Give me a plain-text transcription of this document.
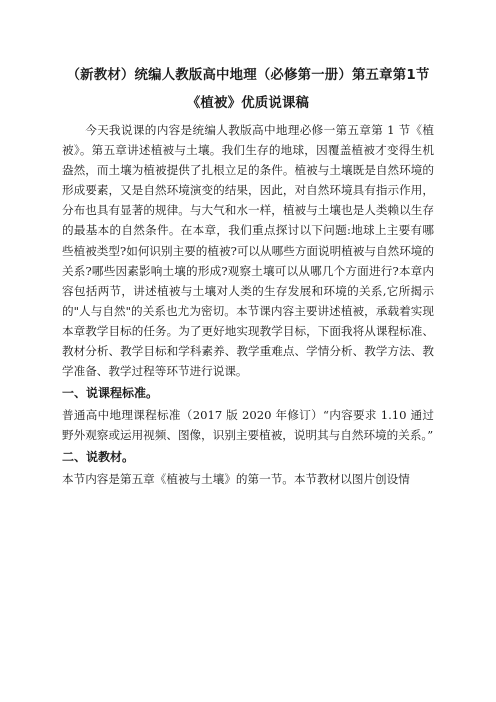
（新教材）统编人教版高中地理（必修第一册）第五章第1节《植被》优质说课稿

今天我说课的内容是统编人教版高中地理必修一第五章第 1 节《植被》。第五章讲述植被与土壤。我们生存的地球，因覆盖植被才变得生机盎然，而土壤为植被提供了扎根立足的条件。植被与土壤既是自然环境的形成要素，又是自然环境演变的结果，因此，对自然环境具有指示作用，分布也具有显著的规律。与大气和水一样，植被与土壤也是人类赖以生存的最基本的自然条件。在本章，我们重点探讨以下问题:地球上主要有哪些植被类型?如何识别主要的植被?可以从哪些方面说明植被与自然环境的关系?哪些因素影响土壤的形成?观察土壤可以从哪几个方面进行?本章内容包括两节，讲述植被与土壤对人类的生存发展和环境的关系,它所揭示的"人与自然"的关系也尤为密切。本节课内容主要讲述植被，承载着实现本章教学目标的任务。为了更好地实现教学目标，下面我将从课程标准、教材分析、教学目标和学科素养、教学重难点、学情分析、教学方法、教学准备、教学过程等环节进行说课。

一、说课程标准。

普通高中地理课程标准（2017 版 2020 年修订）“内容要求 1.10 通过野外观察或运用视频、图像，识别主要植被，说明其与自然环境的关系。”

二、说教材。

本节内容是第五章《植被与土壤》的第一节。本节教材以图片创设情
